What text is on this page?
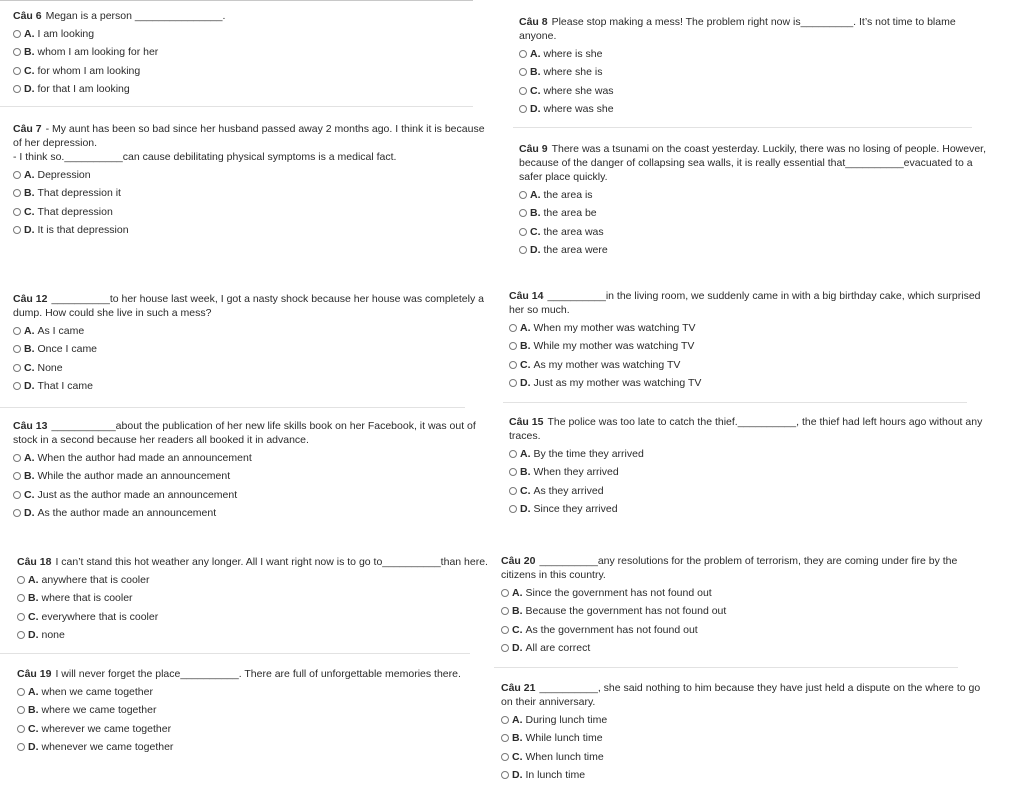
Câu 6 Megan is a person _______________.
A. I am looking
B. whom I am looking for her
C. for whom I am looking
D. for that I am looking
Câu 7 - My aunt has been so bad since her husband passed away 2 months ago. I think it is because
of her depression.
- I think so.__________can cause debilitating physical symptoms is a medical fact.
A. Depression
B. That depression it
C. That depression
D. It is that depression
Câu 8 Please stop making a mess! The problem right now is_________. It’s not time to blame
anyone.
A. where is she
B. where she is
C. where she was
D. where was she
Câu 9 There was a tsunami on the coast yesterday. Luckily, there was no losing of people. However,
because of the danger of collapsing sea walls, it is really essential that__________evacuated to a
safer place quickly.
A. the area is
B. the area be
C. the area was
D. the area were
Câu 12 __________to her house last week, I got a nasty shock because her house was completely a
dump. How could she live in such a mess?
A. As I came
B. Once I came
C. None
D. That I came
Câu 14 __________in the living room, we suddenly came in with a big birthday cake, which surprised
her so much.
A. When my mother was watching TV
B. While my mother was watching TV
C. As my mother was watching TV
D. Just as my mother was watching TV
Câu 13 ___________about the publication of her new life skills book on her Facebook, it was out of
stock in a second because her readers all booked it in advance.
A. When the author had made an announcement
B. While the author made an announcement
C. Just as the author made an announcement
D. As the author made an announcement
Câu 15 The police was too late to catch the thief.__________, the thief had left hours ago without any
traces.
A. By the time they arrived
B. When they arrived
C. As they arrived
D. Since they arrived
Câu 18 I can’t stand this hot weather any longer. All I want right now is to go to__________than here.
A. anywhere that is cooler
B. where that is cooler
C. everywhere that is cooler
D. none
Câu 20 __________any resolutions for the problem of terrorism, they are coming under fire by the
citizens in this country.
A. Since the government has not found out
B. Because the government has not found out
C. As the government has not found out
D. All are correct
Câu 19 I will never forget the place__________. There are full of unforgettable memories there.
A. when we came together
B. where we came together
C. wherever we came together
D. whenever we came together
Câu 21 __________, she said nothing to him because they have just held a dispute on the where to go
on their anniversary.
A. During lunch time
B. While lunch time
C. When lunch time
D. In lunch time
